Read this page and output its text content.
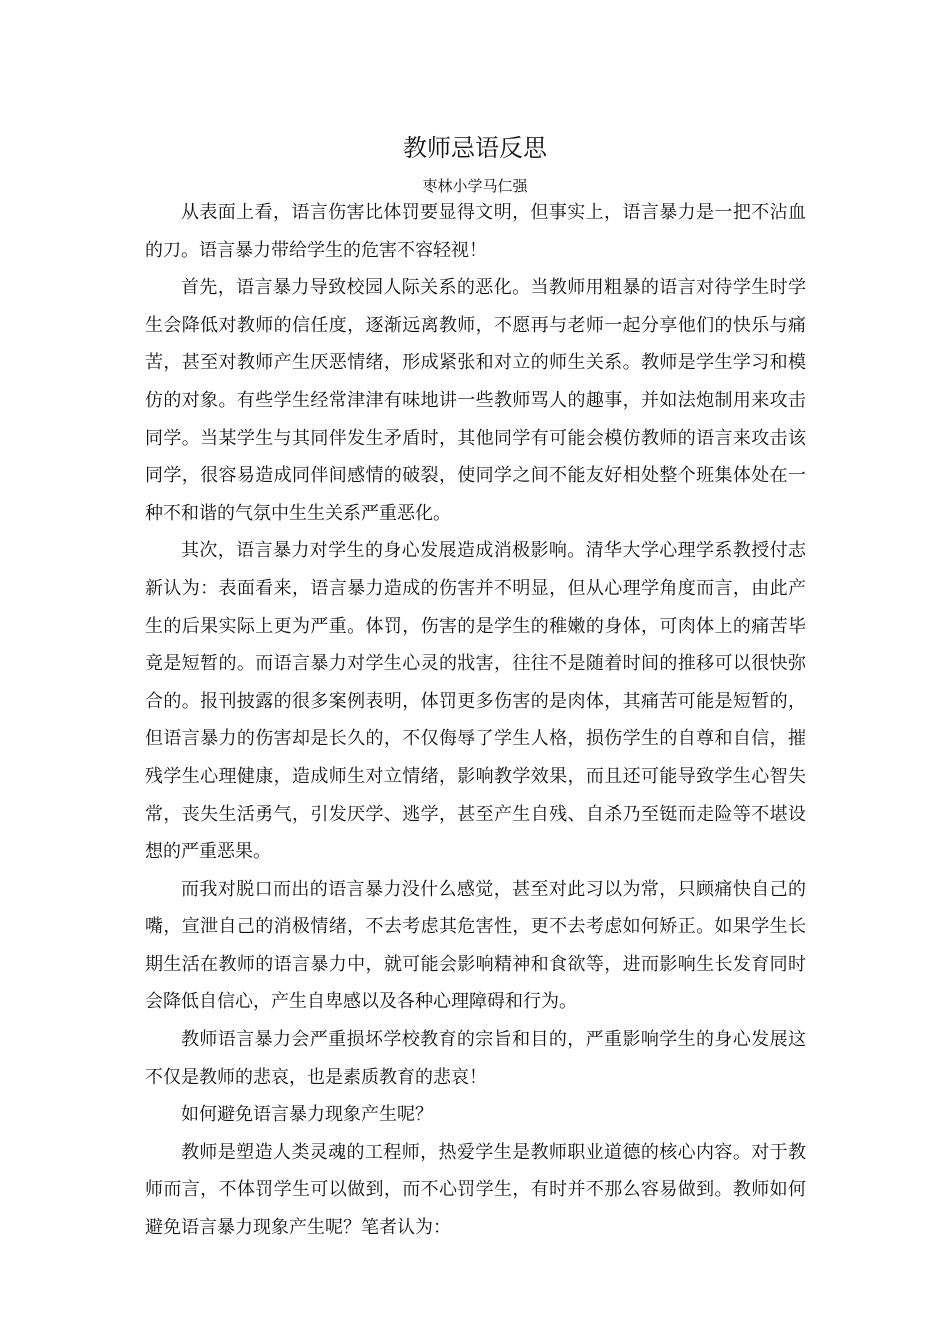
教师忌语反思
枣林小学马仁强

从表面上看，语言伤害比体罚要显得文明，但事实上，语言暴力是一把不沾血的刀。语言暴力带给学生的危害不容轻视！

首先，语言暴力导致校园人际关系的恶化。当教师用粗暴的语言对待学生时学生会降低对教师的信任度，逐渐远离教师，不愿再与老师一起分享他们的快乐与痛苦，甚至对教师产生厌恶情绪，形成紧张和对立的师生关系。教师是学生学习和模仿的对象。有些学生经常津津有味地讲一些教师骂人的趣事，并如法炮制用来攻击同学。当某学生与其同伴发生矛盾时，其他同学有可能会模仿教师的语言来攻击该同学，很容易造成同伴间感情的破裂，使同学之间不能友好相处整个班集体处在一种不和谐的气氛中生生关系严重恶化。

其次，语言暴力对学生的身心发展造成消极影响。清华大学心理学系教授付志新认为：表面看来，语言暴力造成的伤害并不明显，但从心理学角度而言，由此产生的后果实际上更为严重。体罚，伤害的是学生的稚嫩的身体，可肉体上的痛苦毕竟是短暂的。而语言暴力对学生心灵的戕害，往往不是随着时间的推移可以很快弥合的。报刊披露的很多案例表明，体罚更多伤害的是肉体，其痛苦可能是短暂的，但语言暴力的伤害却是长久的，不仅侮辱了学生人格，损伤学生的自尊和自信，摧残学生心理健康，造成师生对立情绪，影响教学效果，而且还可能导致学生心智失常，丧失生活勇气，引发厌学、逃学，甚至产生自残、自杀乃至铤而走险等不堪设想的严重恶果。

而我对脱口而出的语言暴力没什么感觉，甚至对此习以为常，只顾痛快自己的嘴，宣泄自己的消极情绪，不去考虑其危害性，更不去考虑如何矫正。如果学生长期生活在教师的语言暴力中，就可能会影响精神和食欲等，进而影响生长发育同时会降低自信心，产生自卑感以及各种心理障碍和行为。

教师语言暴力会严重损坏学校教育的宗旨和目的，严重影响学生的身心发展这不仅是教师的悲哀，也是素质教育的悲哀！

如何避免语言暴力现象产生呢？

教师是塑造人类灵魂的工程师，热爱学生是教师职业道德的核心内容。对于教师而言，不体罚学生可以做到，而不心罚学生，有时并不那么容易做到。教师如何避免语言暴力现象产生呢？笔者认为：
